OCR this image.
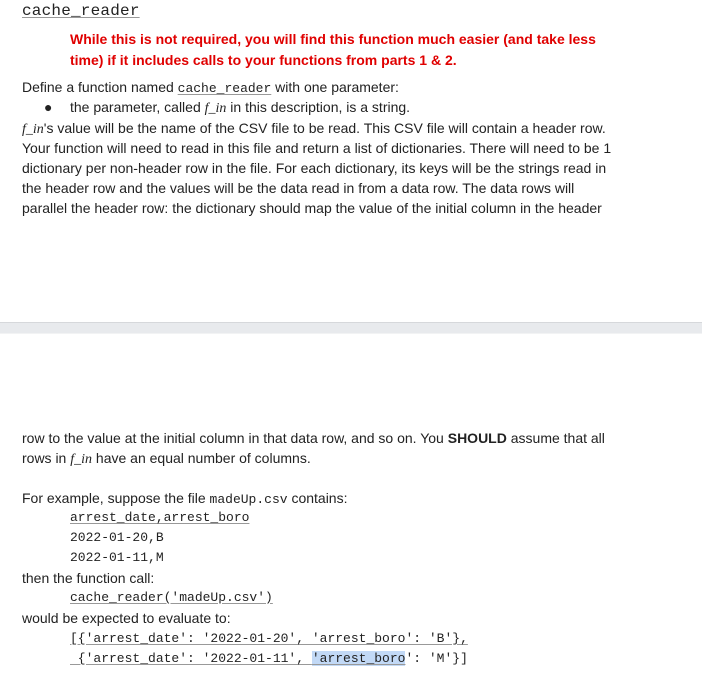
cache_reader
While this is not required, you will find this function much easier (and take less
time) if it includes calls to your functions from parts 1 & 2.
Define a function named cache_reader with one parameter:
● the parameter, called f_in in this description, is a string.
f_in's value will be the name of the CSV file to be read. This CSV file will contain a header row.
Your function will need to read in this file and return a list of dictionaries. There will need to be 1
dictionary per non-header row in the file. For each dictionary, its keys will be the strings read in
the header row and the values will be the data read in from a data row. The data rows will
parallel the header row: the dictionary should map the value of the initial column in the header
row to the value at the initial column in that data row, and so on. You SHOULD assume that all
rows in f_in have an equal number of columns.
For example, suppose the file madeUp.csv contains:
arrest_date,arrest_boro
2022-01-20,B
2022-01-11,M
then the function call:
cache_reader('madeUp.csv')
would be expected to evaluate to:
[{'arrest_date': '2022-01-20', 'arrest_boro': 'B'},
{'arrest_date': '2022-01-11', 'arrest_boro': 'M'}]
